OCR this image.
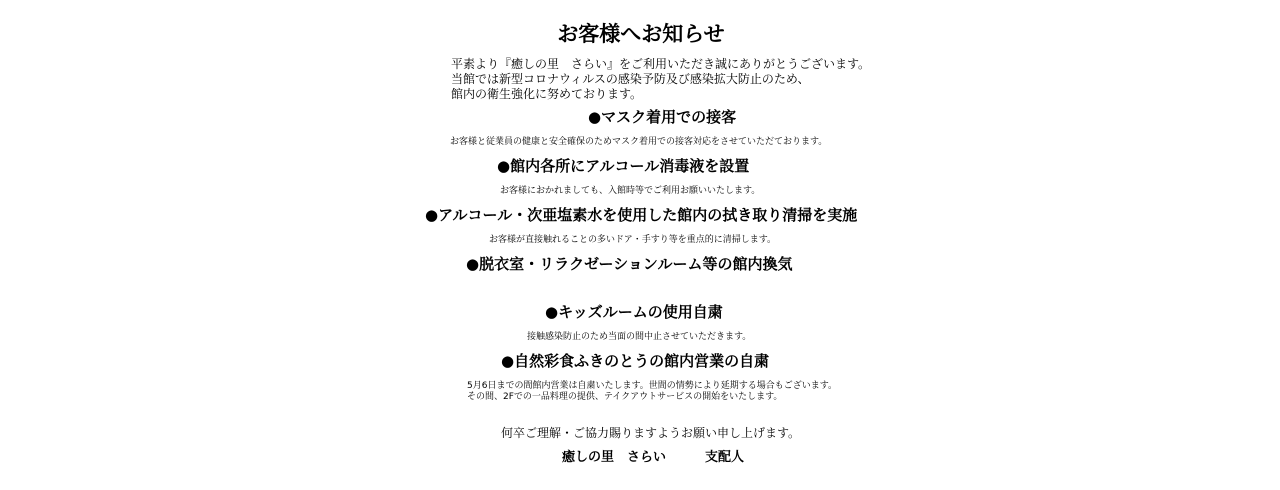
お客様へお知らせ
平素より『癒しの里　さらい』をご利用いただき誠にありがとうございます。
当館では新型コロナウィルスの感染予防及び感染拡大防止のため、
館内の衛生強化に努めております。
●マスク着用での接客
お客様と従業員の健康と安全確保のためマスク着用での接客対応をさせていただております。
●館内各所にアルコール消毒液を設置
お客様におかれましても、入館時等でご利用お願いいたします。
●アルコール・次亜塩素水を使用した館内の拭き取り清掃を実施
お客様が直接触れることの多いドア・手すり等を重点的に清掃します。
●脱衣室・リラクゼーションルーム等の館内換気
●キッズルームの使用自粛
接触感染防止のため当面の間中止させていただきます。
●自然彩食ふきのとうの館内営業の自粛
5月6日までの間館内営業は自粛いたします。世間の情勢により延期する場合もございます。
その間、2Fでの一品料理の提供、テイクアウトサービスの開始をいたします。
何卒ご理解・ご協力賜りますようお願い申し上げます。
癒しの里　さらい　　　支配人
